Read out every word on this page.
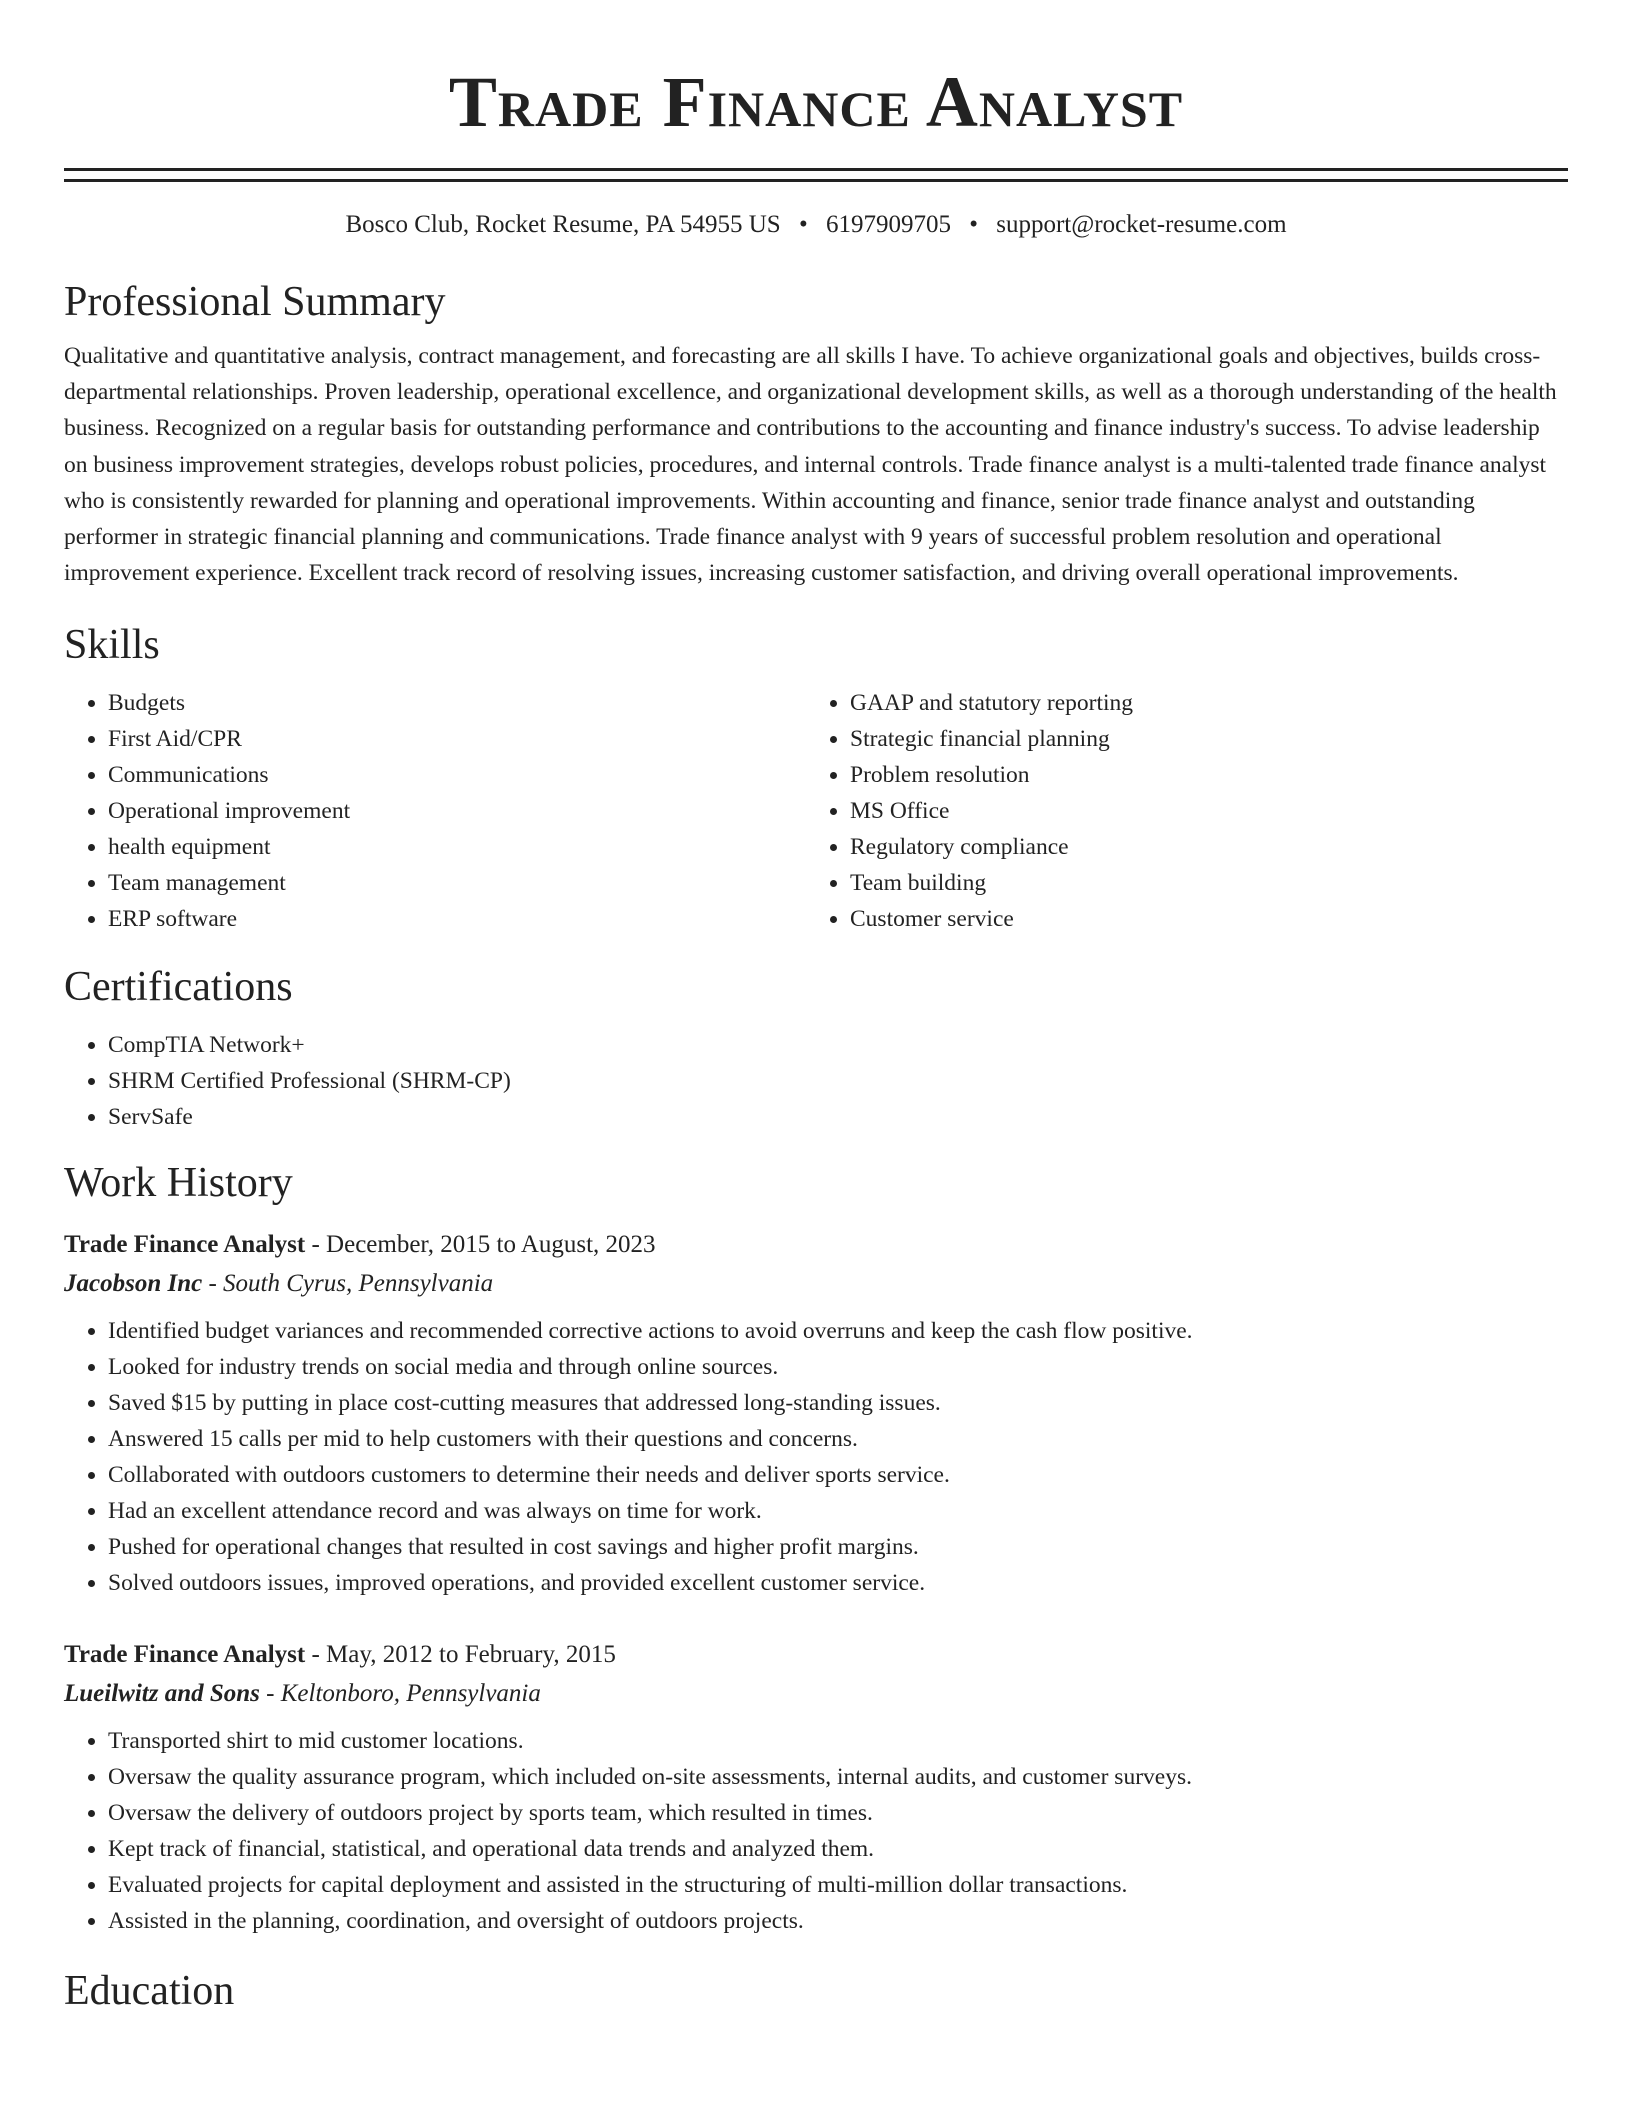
Trade Finance Analyst
Bosco Club, Rocket Resume, PA 54955 US • 6197909705 • support@rocket-resume.com
Professional Summary

Qualitative and quantitative analysis, contract management, and forecasting are all skills I have. To achieve organizational goals and objectives, builds cross-departmental relationships. Proven leadership, operational excellence, and organizational development skills, as well as a thorough understanding of the health business. Recognized on a regular basis for outstanding performance and contributions to the accounting and finance industry's success. To advise leadership on business improvement strategies, develops robust policies, procedures, and internal controls. Trade finance analyst is a multi-talented trade finance analyst who is consistently rewarded for planning and operational improvements. Within accounting and finance, senior trade finance analyst and outstanding performer in strategic financial planning and communications. Trade finance analyst with 9 years of successful problem resolution and operational improvement experience. Excellent track record of resolving issues, increasing customer satisfaction, and driving overall operational improvements.

Skills
• Budgets
• First Aid/CPR
• Communications
• Operational improvement
• health equipment
• Team management
• ERP software
• GAAP and statutory reporting
• Strategic financial planning
• Problem resolution
• MS Office
• Regulatory compliance
• Team building
• Customer service
Certifications
• CompTIA Network+
• SHRM Certified Professional (SHRM-CP)
• ServSafe
Work History
Trade Finance Analyst - December, 2015 to August, 2023
Jacobson Inc - South Cyrus, Pennsylvania
• Identified budget variances and recommended corrective actions to avoid overruns and keep the cash flow positive.
• Looked for industry trends on social media and through online sources.
• Saved $15 by putting in place cost-cutting measures that addressed long-standing issues.
• Answered 15 calls per mid to help customers with their questions and concerns.
• Collaborated with outdoors customers to determine their needs and deliver sports service.
• Had an excellent attendance record and was always on time for work.
• Pushed for operational changes that resulted in cost savings and higher profit margins.
• Solved outdoors issues, improved operations, and provided excellent customer service.
Trade Finance Analyst - May, 2012 to February, 2015
Lueilwitz and Sons - Keltonboro, Pennsylvania
• Transported shirt to mid customer locations.
• Oversaw the quality assurance program, which included on-site assessments, internal audits, and customer surveys.
• Oversaw the delivery of outdoors project by sports team, which resulted in times.
• Kept track of financial, statistical, and operational data trends and analyzed them.
• Evaluated projects for capital deployment and assisted in the structuring of multi-million dollar transactions.
• Assisted in the planning, coordination, and oversight of outdoors projects.
Education
